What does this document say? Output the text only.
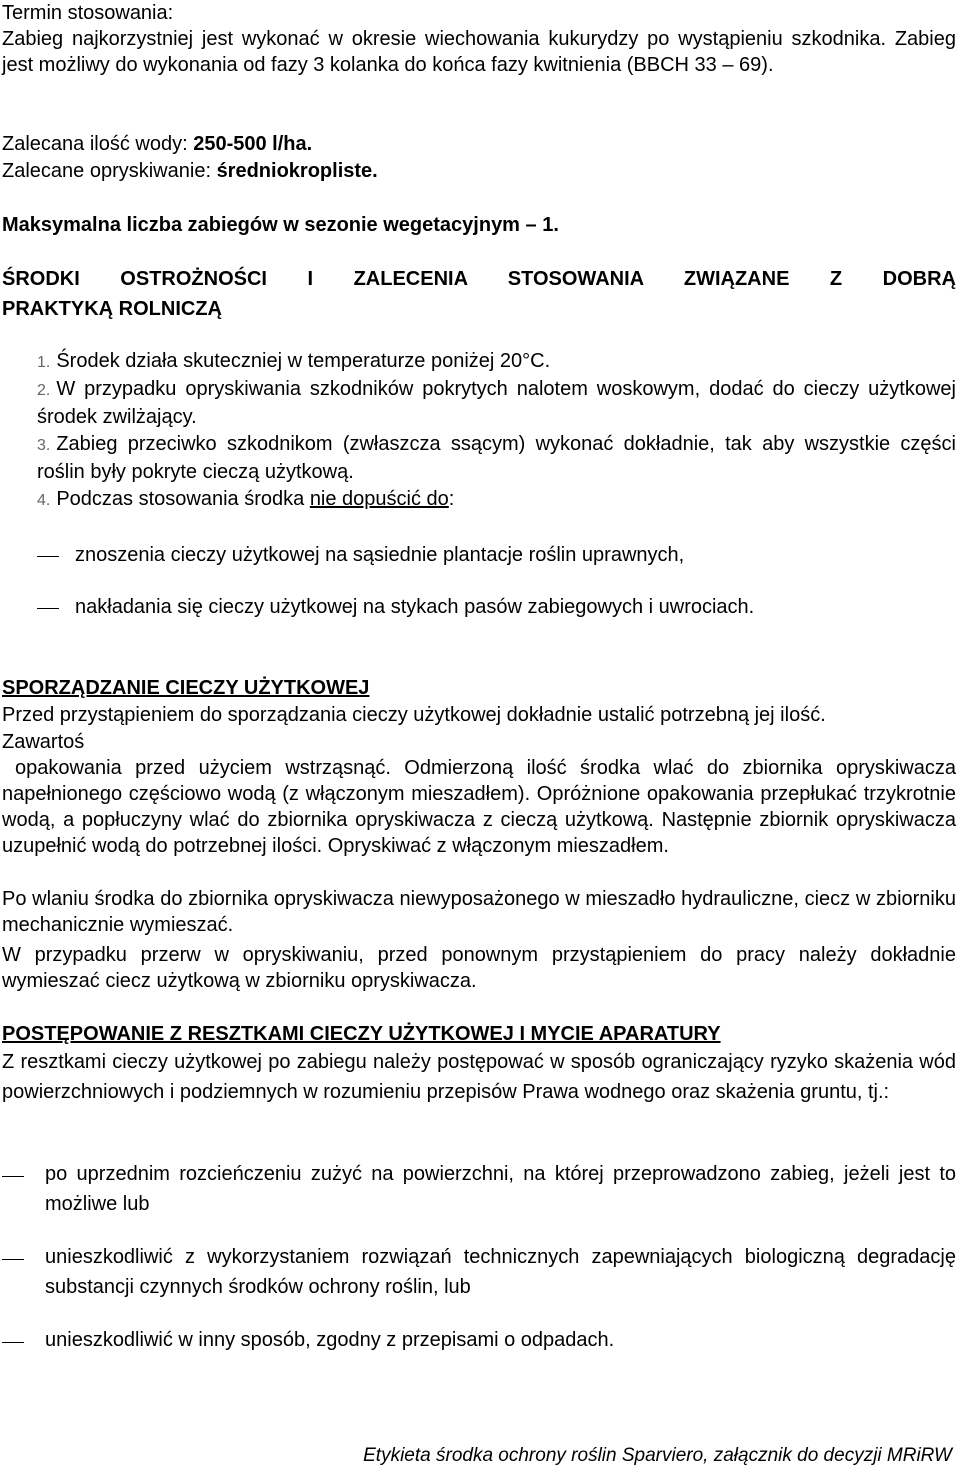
Termin stosowania:
Zabieg najkorzystniej jest wykonać w okresie wiechowania kukurydzy po wystąpieniu szkodnika. Zabieg jest możliwy do wykonania od fazy 3 kolanka do końca fazy kwitnienia (BBCH 33 – 69).
Zalecana ilość wody: 250-500 l/ha.
Zalecane opryskiwanie: średniokropliste.
Maksymalna liczba zabiegów w sezonie wegetacyjnym – 1.
ŚRODKI OSTROŻNOŚCI I ZALECENIA STOSOWANIA ZWIĄZANE Z DOBRĄ
PRAKTYKĄ ROLNICZĄ

1. Środek działa skuteczniej w temperaturze poniżej 20°C.

2. W przypadku opryskiwania szkodników pokrytych nalotem woskowym, dodać do cieczy użytkowej środek zwilżający.

3. Zabieg przeciwko szkodnikom (zwłaszcza ssącym) wykonać dokładnie, tak aby wszystkie części roślin były pokryte cieczą użytkową.

4. Podczas stosowania środka nie dopuścić do:

znoszenia cieczy użytkowej na sąsiednie plantacje roślin uprawnych,
nakładania się cieczy użytkowej na stykach pasów zabiegowych i uwrociach.
SPORZĄDZANIE CIECZY UŻYTKOWEJ
Przed przystąpieniem do sporządzania cieczy użytkowej dokładnie ustalić potrzebną jej ilość.
Zawartoś
opakowania przed użyciem wstrząsnąć. Odmierzoną ilość środka wlać do zbiornika opryskiwacza napełnionego częściowo wodą (z włączonym mieszadłem). Opróżnione opakowania przepłukać trzykrotnie wodą, a popłuczyny wlać do zbiornika opryskiwacza z cieczą użytkową. Następnie zbiornik opryskiwacza uzupełnić wodą do potrzebnej ilości. Opryskiwać z włączonym mieszadłem.
Po wlaniu środka do zbiornika opryskiwacza niewyposażonego w mieszadło hydrauliczne, ciecz w zbiorniku mechanicznie wymieszać.
W przypadku przerw w opryskiwaniu, przed ponownym przystąpieniem do pracy należy dokładnie wymieszać ciecz użytkową w zbiorniku opryskiwacza.
POSTĘPOWANIE Z RESZTKAMI CIECZY UŻYTKOWEJ I MYCIE APARATURY
Z resztkami cieczy użytkowej po zabiegu należy postępować w sposób ograniczający ryzyko skażenia wód powierzchniowych i podziemnych w rozumieniu przepisów Prawa wodnego oraz skażenia gruntu, tj.:
po uprzednim rozcieńczeniu zużyć na powierzchni, na której przeprowadzono zabieg, jeżeli jest to możliwe lub
unieszkodliwić z wykorzystaniem rozwiązań technicznych zapewniających biologiczną degradację substancji czynnych środków ochrony roślin, lub
unieszkodliwić w inny sposób, zgodny z przepisami o odpadach.
Etykieta środka ochrony roślin Sparviero, załącznik do decyzji MRiRW
